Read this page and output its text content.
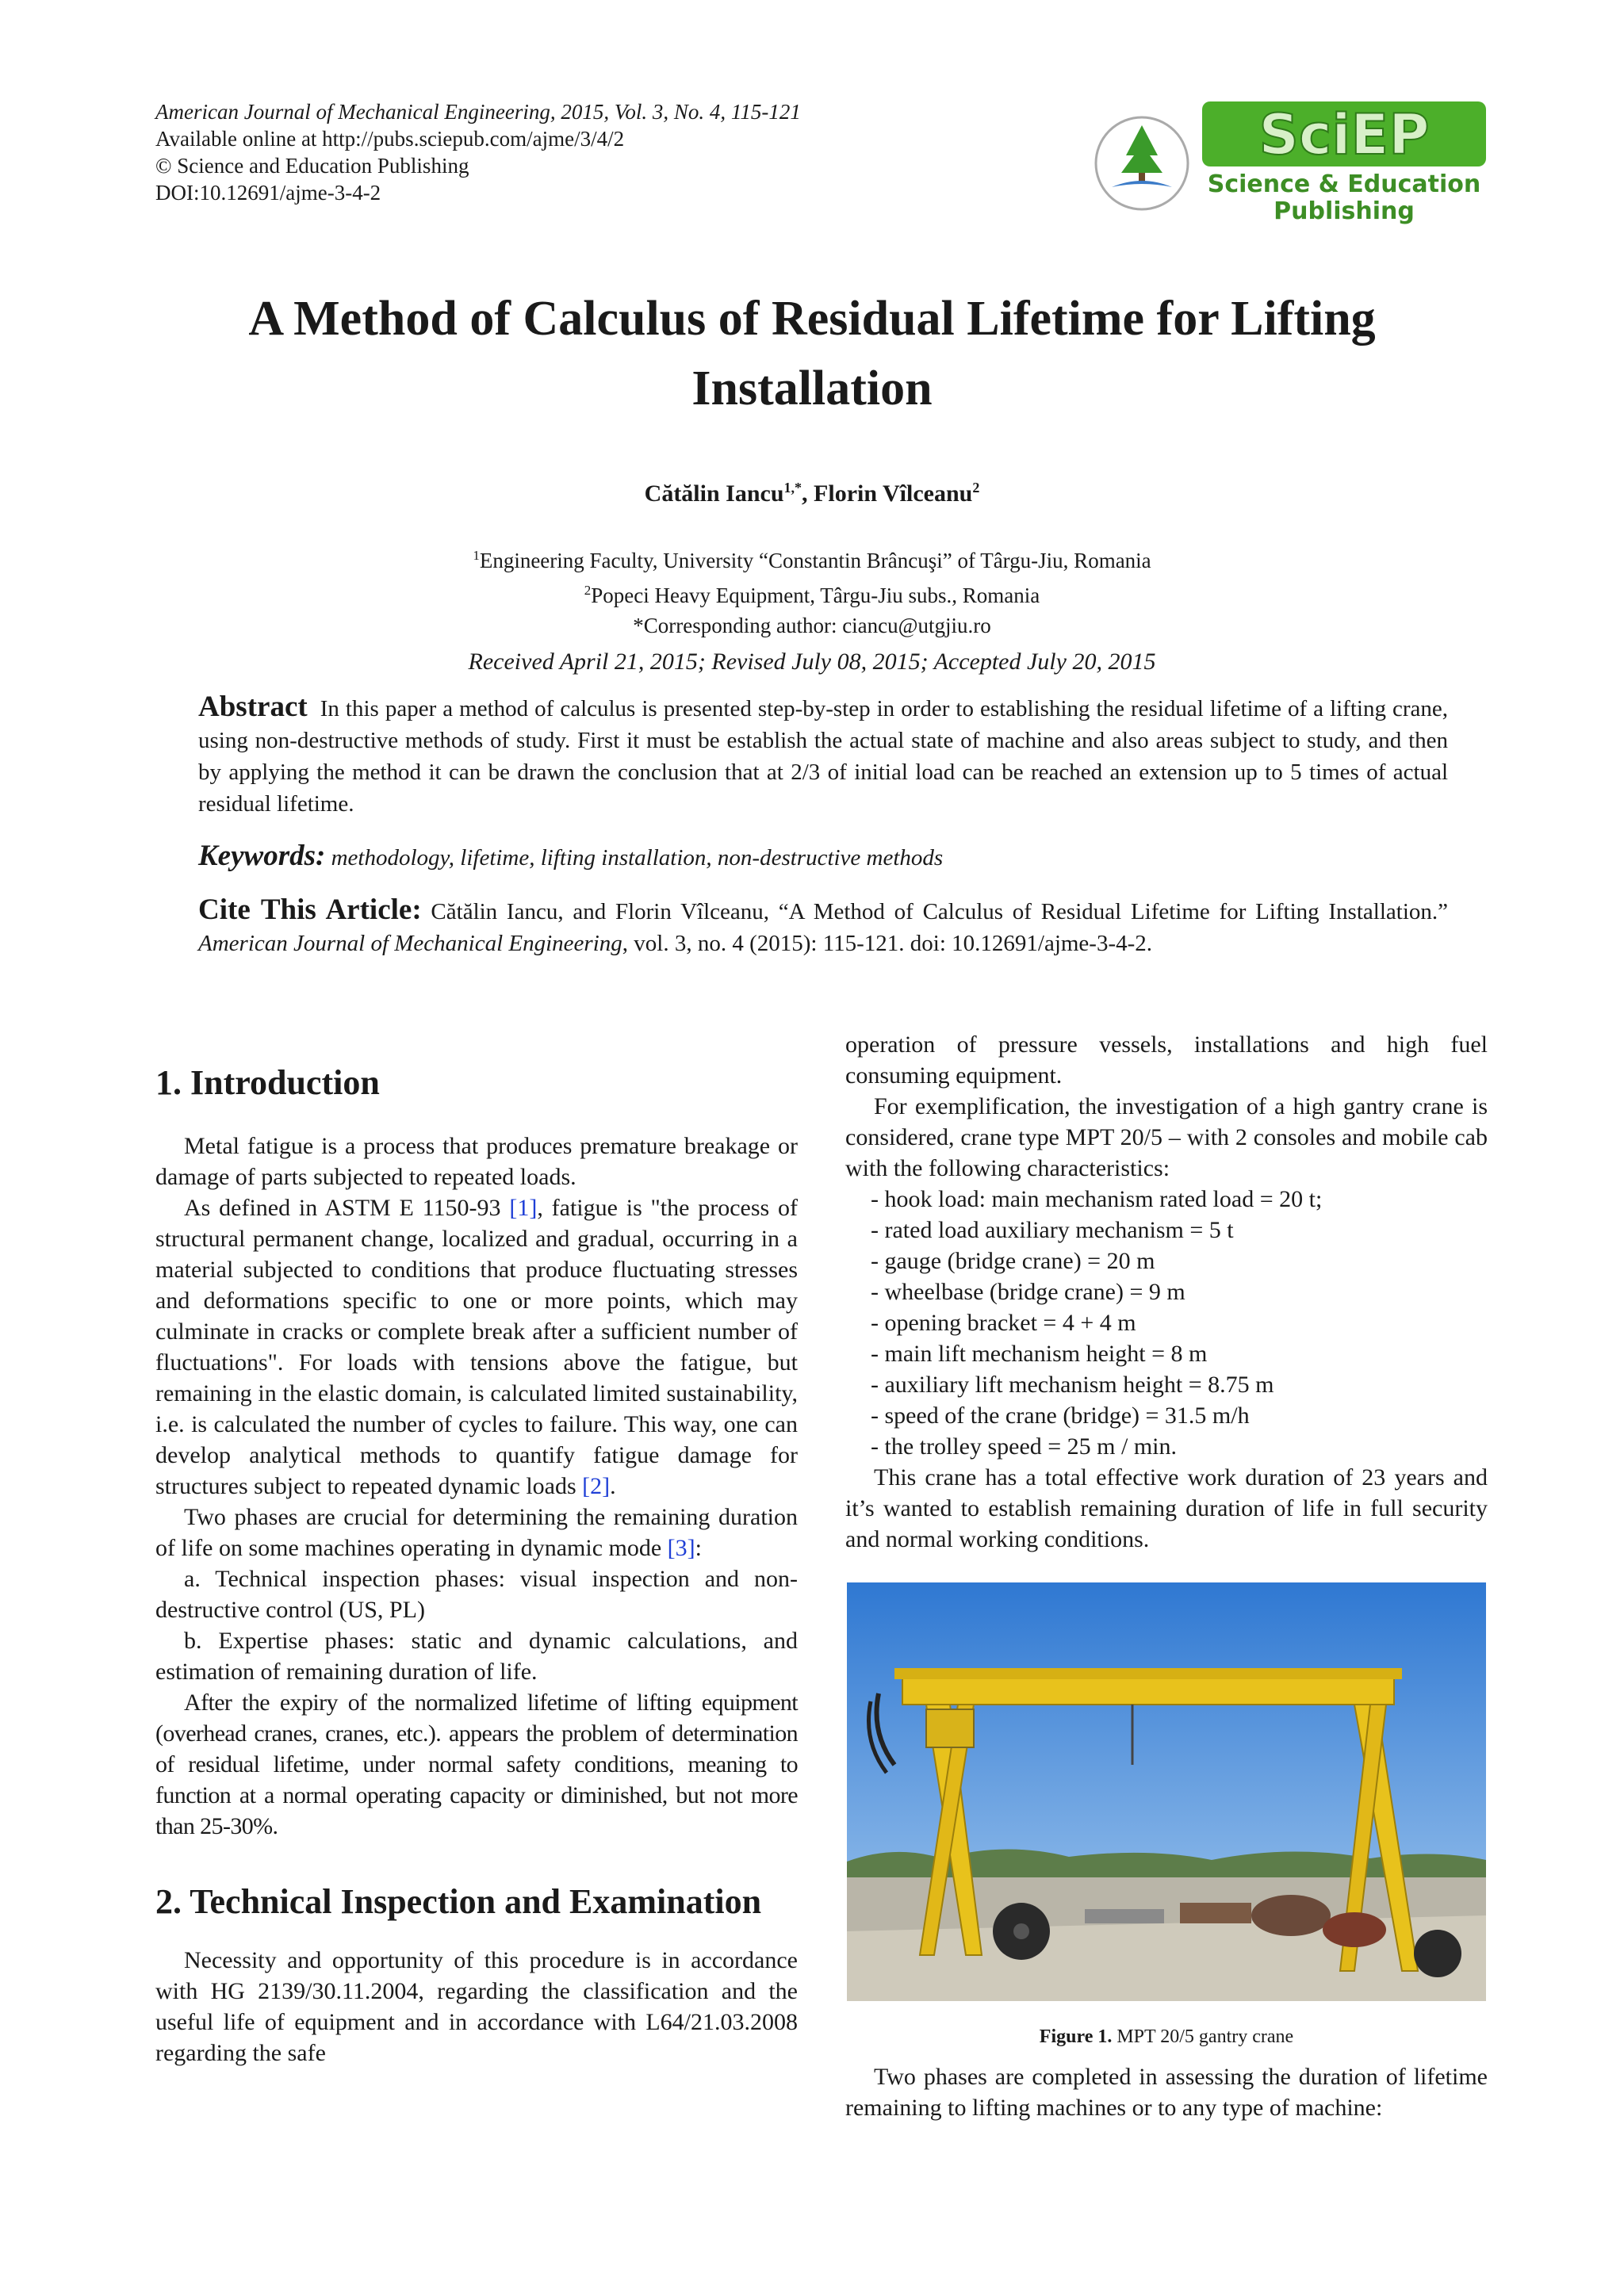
American Journal of Mechanical Engineering, 2015, Vol. 3, No. 4, 115-121
Available online at http://pubs.sciepub.com/ajme/3/4/2
© Science and Education Publishing
DOI:10.12691/ajme-3-4-2
SciEP
Science & Education
Publishing
A Method of Calculus of Residual Lifetime for Lifting Installation
Cătălin Iancu$^{1,*}$, Florin Vîlceanu$^2$
$^1$Engineering Faculty, University “Constantin Brâncuşi” of Târgu-Jiu, Romania
$^2$Popeci Heavy Equipment, Târgu-Jiu subs., Romania
*Corresponding author: ciancu@utgjiu.ro
Received April 21, 2015; Revised July 08, 2015; Accepted July 20, 2015
Abstract In this paper a method of calculus is presented step-by-step in order to establishing the residual lifetime of a lifting crane, using non-destructive methods of study. First it must be establish the actual state of machine and also areas subject to study, and then by applying the method it can be drawn the conclusion that at 2/3 of initial load can be reached an extension up to 5 times of actual residual lifetime.
Keywords: methodology, lifetime, lifting installation, non-destructive methods
Cite This Article: Cătălin Iancu, and Florin Vîlceanu, “A Method of Calculus of Residual Lifetime for Lifting Installation.” American Journal of Mechanical Engineering, vol. 3, no. 4 (2015): 115-121. doi: 10.12691/ajme-3-4-2.
1. Introduction

Metal fatigue is a process that produces premature breakage or damage of parts subjected to repeated loads.

As defined in ASTM E 1150-93 [1], fatigue is "the process of structural permanent change, localized and gradual, occurring in a material subjected to conditions that produce fluctuating stresses and deformations specific to one or more points, which may culminate in cracks or complete break after a sufficient number of fluctuations". For loads with tensions above the fatigue, but remaining in the elastic domain, is calculated limited sustainability, i.e. is calculated the number of cycles to failure. This way, one can develop analytical methods to quantify fatigue damage for structures subject to repeated dynamic loads [2].

Two phases are crucial for determining the remaining duration of life on some machines operating in dynamic mode [3]:

a. Technical inspection phases: visual inspection and non-destructive control (US, PL)

b. Expertise phases: static and dynamic calculations, and estimation of remaining duration of life.

After the expiry of the normalized lifetime of lifting equipment (overhead cranes, cranes, etc.). appears the problem of determination of residual lifetime, under normal safety conditions, meaning to function at a normal operating capacity or diminished, but not more than 25-30%.

2. Technical Inspection and Examination

Necessity and opportunity of this procedure is in accordance with HG 2139/30.11.2004, regarding the classification and the useful life of equipment and in accordance with L64/21.03.2008 regarding the safe

operation of pressure vessels, installations and high fuel consuming equipment.

For exemplification, the investigation of a high gantry crane is considered, crane type MPT 20/5 – with 2 consoles and mobile cab with the following characteristics:

- hook load: main mechanism rated load = 20 t;
- rated load auxiliary mechanism = 5 t
- gauge (bridge crane) = 20 m
- wheelbase (bridge crane) = 9 m
- opening bracket = 4 + 4 m
- main lift mechanism height = 8 m
- auxiliary lift mechanism height = 8.75 m
- speed of the crane (bridge) = 31.5 m/h
- the trolley speed = 25 m / min.

This crane has a total effective work duration of 23 years and it’s wanted to establish remaining duration of life in full security and normal working conditions.

Figure 1. MPT 20/5 gantry crane

Two phases are completed in assessing the duration of lifetime remaining to lifting machines or to any type of machine:
